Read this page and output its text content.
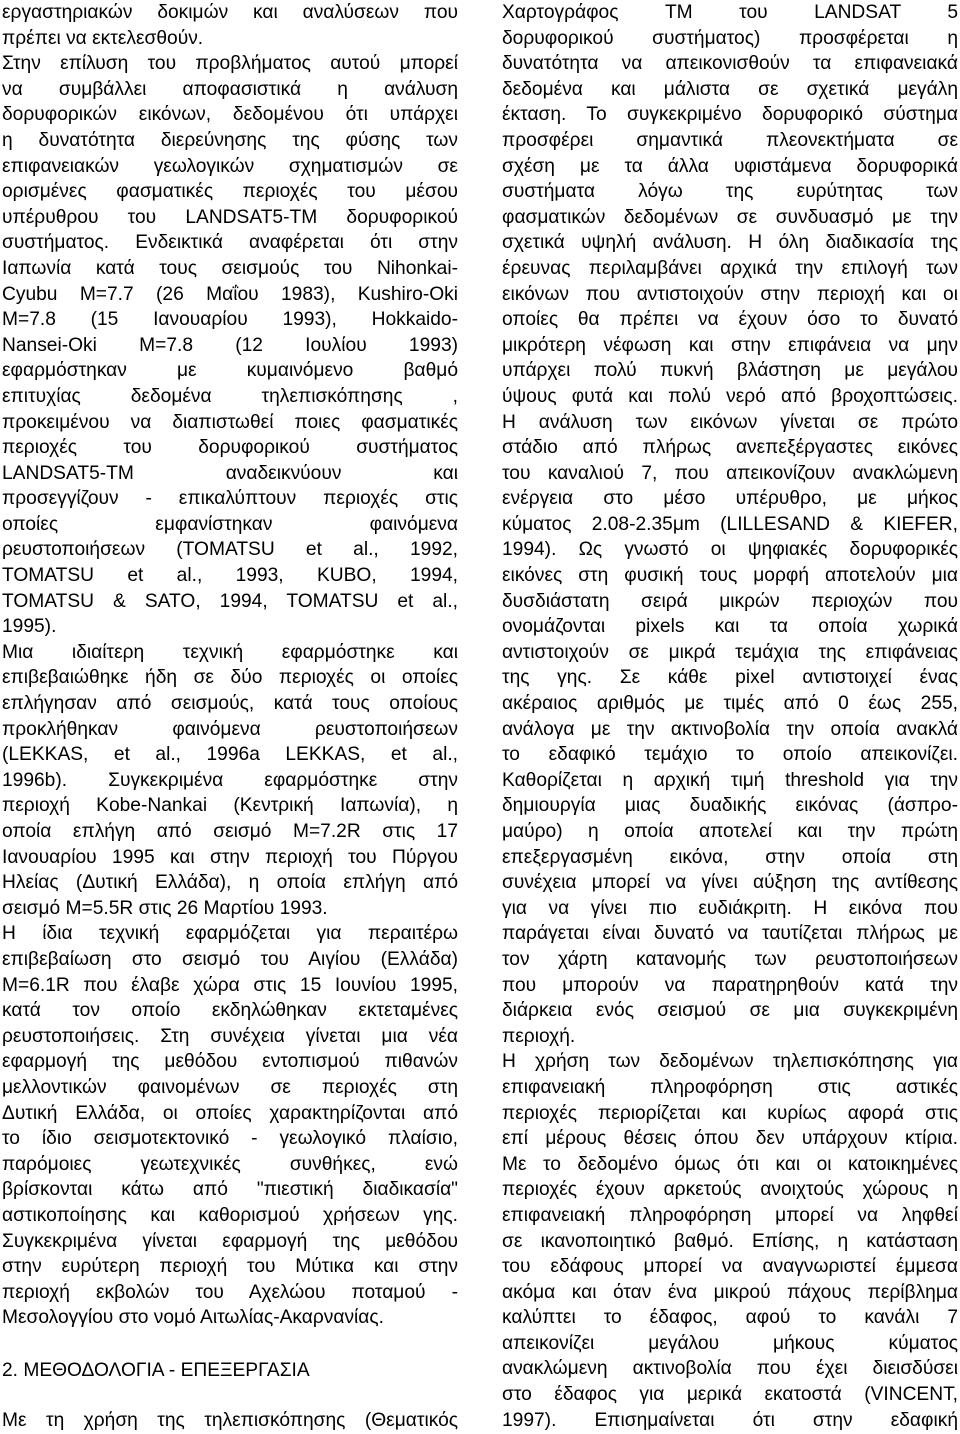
εργαστηριακών δοκιμών και αναλύσεων που
πρέπει να εκτελεσθούν.
Στην επίλυση του προβλήματος αυτού μπορεί
να συμβάλλει αποφασιστικά η ανάλυση
δορυφορικών εικόνων, δεδομένου ότι υπάρχει
η δυνατότητα διερεύνησης της φύσης των
επιφανειακών γεωλογικών σχηματισμών σε
ορισμένες φασματικές περιοχές του μέσου
υπέρυθρου του LANDSAT5-TM δορυφορικού
συστήματος. Ενδεικτικά αναφέρεται ότι στην
Ιαπωνία κατά τους σεισμούς του Nihonkai-
Cyubu M=7.7 (26 Μαΐου 1983), Kushiro-Oki
M=7.8 (15 Ιανουαρίου 1993), Hokkaido-
Nansei-Oki M=7.8 (12 Ιουλίου 1993)
εφαρμόστηκαν με κυμαινόμενο βαθμό
επιτυχίας δεδομένα τηλεπισκόπησης ,
προκειμένου να διαπιστωθεί ποιες φασματικές
περιοχές του δορυφορικού συστήματος
LANDSAT5-TM αναδεικνύουν και
προσεγγίζουν - επικαλύπτουν περιοχές στις
οποίες εμφανίστηκαν φαινόμενα
ρευστοποιήσεων (TOMATSU et al., 1992,
TOMATSU et al., 1993, KUBO, 1994,
TOMATSU & SATO, 1994, TOMATSU et al.,
1995).
Μια ιδιαίτερη τεχνική εφαρμόστηκε και
επιβεβαιώθηκε ήδη σε δύο περιοχές οι οποίες
επλήγησαν από σεισμούς, κατά τους οποίους
προκλήθηκαν φαινόμενα ρευστοποιήσεων
(LEKKAS, et al., 1996a LEKKAS, et al.,
1996b). Συγκεκριμένα εφαρμόστηκε στην
περιοχή Kobe-Nankai (Κεντρική Ιαπωνία), η
οποία επλήγη από σεισμό M=7.2R στις 17
Ιανουαρίου 1995 και στην περιοχή του Πύργου
Ηλείας (Δυτική Ελλάδα), η οποία επλήγη από
σεισμό M=5.5R στις 26 Μαρτίου 1993.
Η ίδια τεχνική εφαρμόζεται για περαιτέρω
επιβεβαίωση στο σεισμό του Αιγίου (Ελλάδα)
M=6.1R που έλαβε χώρα στις 15 Ιουνίου 1995,
κατά τον οποίο εκδηλώθηκαν εκτεταμένες
ρευστοποιήσεις. Στη συνέχεια γίνεται μια νέα
εφαρμογή της μεθόδου εντοπισμού πιθανών
μελλοντικών φαινομένων σε περιοχές στη
Δυτική Ελλάδα, οι οποίες χαρακτηρίζονται από
το ίδιο σεισμοτεκτονικό - γεωλογικό πλαίσιο,
παρόμοιες γεωτεχνικές συνθήκες, ενώ
βρίσκονται κάτω από "πιεστική διαδικασία"
αστικοποίησης και καθορισμού χρήσεων γης.
Συγκεκριμένα γίνεται εφαρμογή της μεθόδου
στην ευρύτερη περιοχή του Μύτικα και στην
περιοχή εκβολών του Αχελώου ποταμού -
Μεσολογγίου στο νομό Αιτωλίας-Ακαρνανίας.
2. ΜΕΘΟΔΟΛΟΓΙΑ - ΕΠΕΞΕΡΓΑΣΙΑ
Με τη χρήση της τηλεπισκόπησης (Θεματικός
Χαρτογράφος TM του LANDSAT 5
δορυφορικού συστήματος) προσφέρεται η
δυνατότητα να απεικονισθούν τα επιφανειακά
δεδομένα και μάλιστα σε σχετικά μεγάλη
έκταση. Το συγκεκριμένο δορυφορικό σύστημα
προσφέρει σημαντικά πλεονεκτήματα σε
σχέση με τα άλλα υφιστάμενα δορυφορικά
συστήματα λόγω της ευρύτητας των
φασματικών δεδομένων σε συνδυασμό με την
σχετικά υψηλή ανάλυση. Η όλη διαδικασία της
έρευνας περιλαμβάνει αρχικά την επιλογή των
εικόνων που αντιστοιχούν στην περιοχή και οι
οποίες θα πρέπει να έχουν όσο το δυνατό
μικρότερη νέφωση και στην επιφάνεια να μην
υπάρχει πολύ πυκνή βλάστηση με μεγάλου
ύψους φυτά και πολύ νερό από βροχοπτώσεις.
Η ανάλυση των εικόνων γίνεται σε πρώτο
στάδιο από πλήρως ανεπεξέργαστες εικόνες
του καναλιού 7, που απεικονίζουν ανακλώμενη
ενέργεια στο μέσο υπέρυθρο, με μήκος
κύματος 2.08-2.35μm (LILLESAND & KIEFER,
1994). Ως γνωστό οι ψηφιακές δορυφορικές
εικόνες στη φυσική τους μορφή αποτελούν μια
δυσδιάστατη σειρά μικρών περιοχών που
ονομάζονται pixels και τα οποία χωρικά
αντιστοιχούν σε μικρά τεμάχια της επιφάνειας
της γης. Σε κάθε pixel αντιστοιχεί ένας
ακέραιος αριθμός με τιμές από 0 έως 255,
ανάλογα με την ακτινοβολία την οποία ανακλά
το εδαφικό τεμάχιο το οποίο απεικονίζει.
Καθορίζεται η αρχική τιμή threshold για την
δημιουργία μιας δυαδικής εικόνας (άσπρο-
μαύρο) η οποία αποτελεί και την πρώτη
επεξεργασμένη εικόνα, στην οποία στη
συνέχεια μπορεί να γίνει αύξηση της αντίθεσης
για να γίνει πιο ευδιάκριτη. Η εικόνα που
παράγεται είναι δυνατό να ταυτίζεται πλήρως με
τον χάρτη κατανομής των ρευστοποιήσεων
που μπορούν να παρατηρηθούν κατά την
διάρκεια ενός σεισμού σε μια συγκεκριμένη
περιοχή.
Η χρήση των δεδομένων τηλεπισκόπησης για
επιφανειακή πληροφόρηση στις αστικές
περιοχές περιορίζεται και κυρίως αφορά στις
επί μέρους θέσεις όπου δεν υπάρχουν κτίρια.
Με το δεδομένο όμως ότι και οι κατοικημένες
περιοχές έχουν αρκετούς ανοιχτούς χώρους η
επιφανειακή πληροφόρηση μπορεί να ληφθεί
σε ικανοποιητικό βαθμό. Επίσης, η κατάσταση
του εδάφους μπορεί να αναγνωριστεί έμμεσα
ακόμα και όταν ένα μικρού πάχους περίβλημα
καλύπτει το έδαφος, αφού το κανάλι 7
απεικονίζει μεγάλου μήκους κύματος
ανακλώμενη ακτινοβολία που έχει διεισδύσει
στο έδαφος για μερικά εκατοστά (VINCENT,
1997). Επισημαίνεται ότι στην εδαφική
